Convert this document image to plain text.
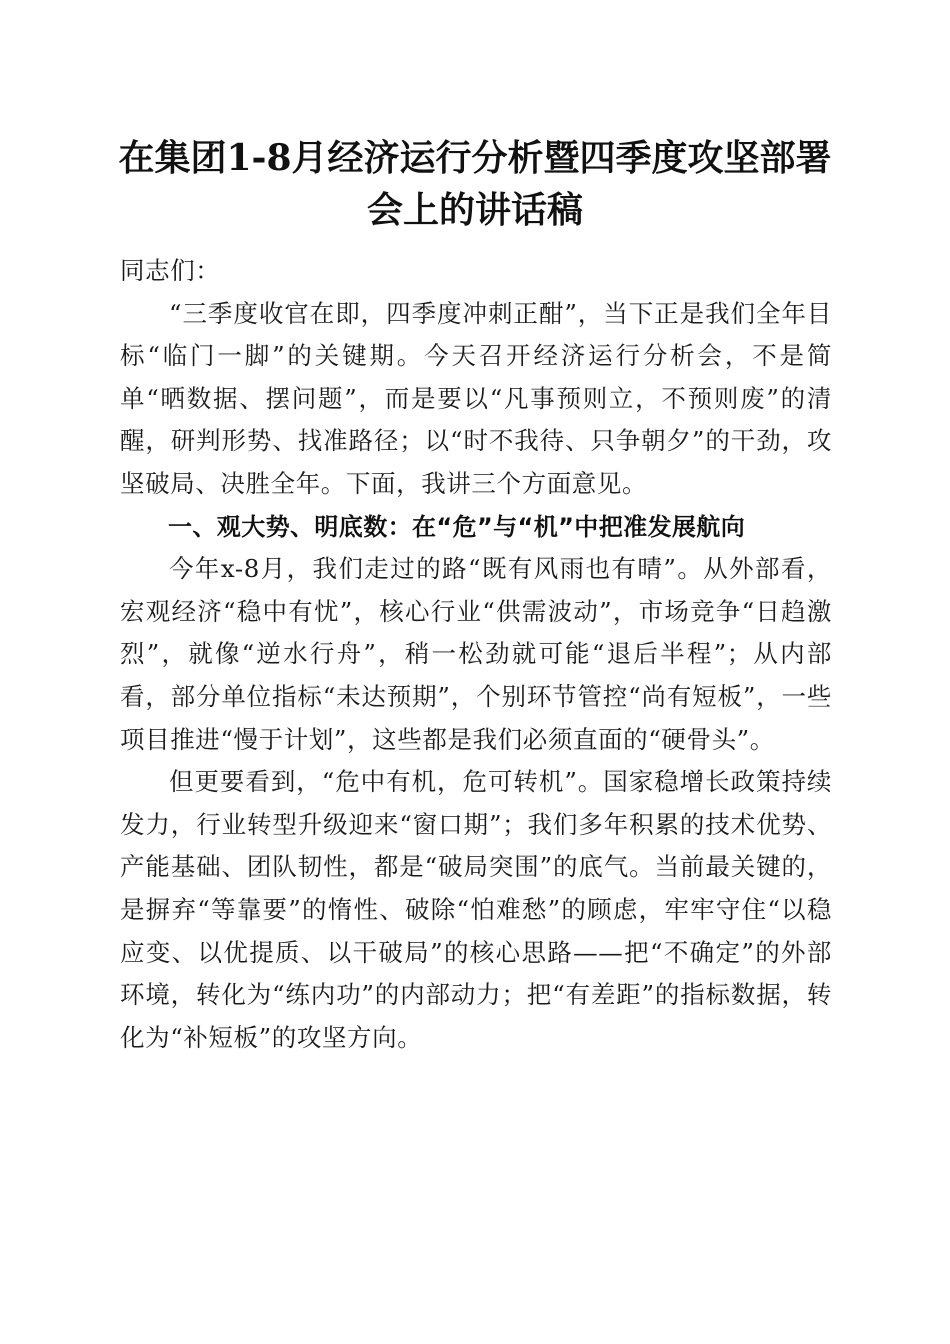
在集团1-8月经济运行分析暨四季度攻坚部署
会上的讲话稿

同志们：

“三季度收官在即，四季度冲刺正酣”，当下正是我们全年目标“临门一脚”的关键期。今天召开经济运行分析会，不是简单“晒数据、摆问题”，而是要以“凡事预则立，不预则废”的清醒，研判形势、找准路径；以“时不我待、只争朝夕”的干劲，攻坚破局、决胜全年。下面，我讲三个方面意见。

一、观大势、明底数：在“危”与“机”中把准发展航向

今年x-8月，我们走过的路“既有风雨也有晴”。从外部看，宏观经济“稳中有忧”，核心行业“供需波动”，市场竞争“日趋激烈”，就像“逆水行舟”，稍一松劲就可能“退后半程”；从内部看，部分单位指标“未达预期”，个别环节管控“尚有短板”，一些项目推进“慢于计划”，这些都是我们必须直面的“硬骨头”。

但更要看到，“危中有机，危可转机”。国家稳增长政策持续发力，行业转型升级迎来“窗口期”；我们多年积累的技术优势、产能基础、团队韧性，都是“破局突围”的底气。当前最关键的，是摒弃“等靠要”的惰性、破除“怕难愁”的顾虑，牢牢守住“以稳应变、以优提质、以干破局”的核心思路——把“不确定”的外部环境，转化为“练内功”的内部动力；把“有差距”的指标数据，转化为“补短板”的攻坚方向。
